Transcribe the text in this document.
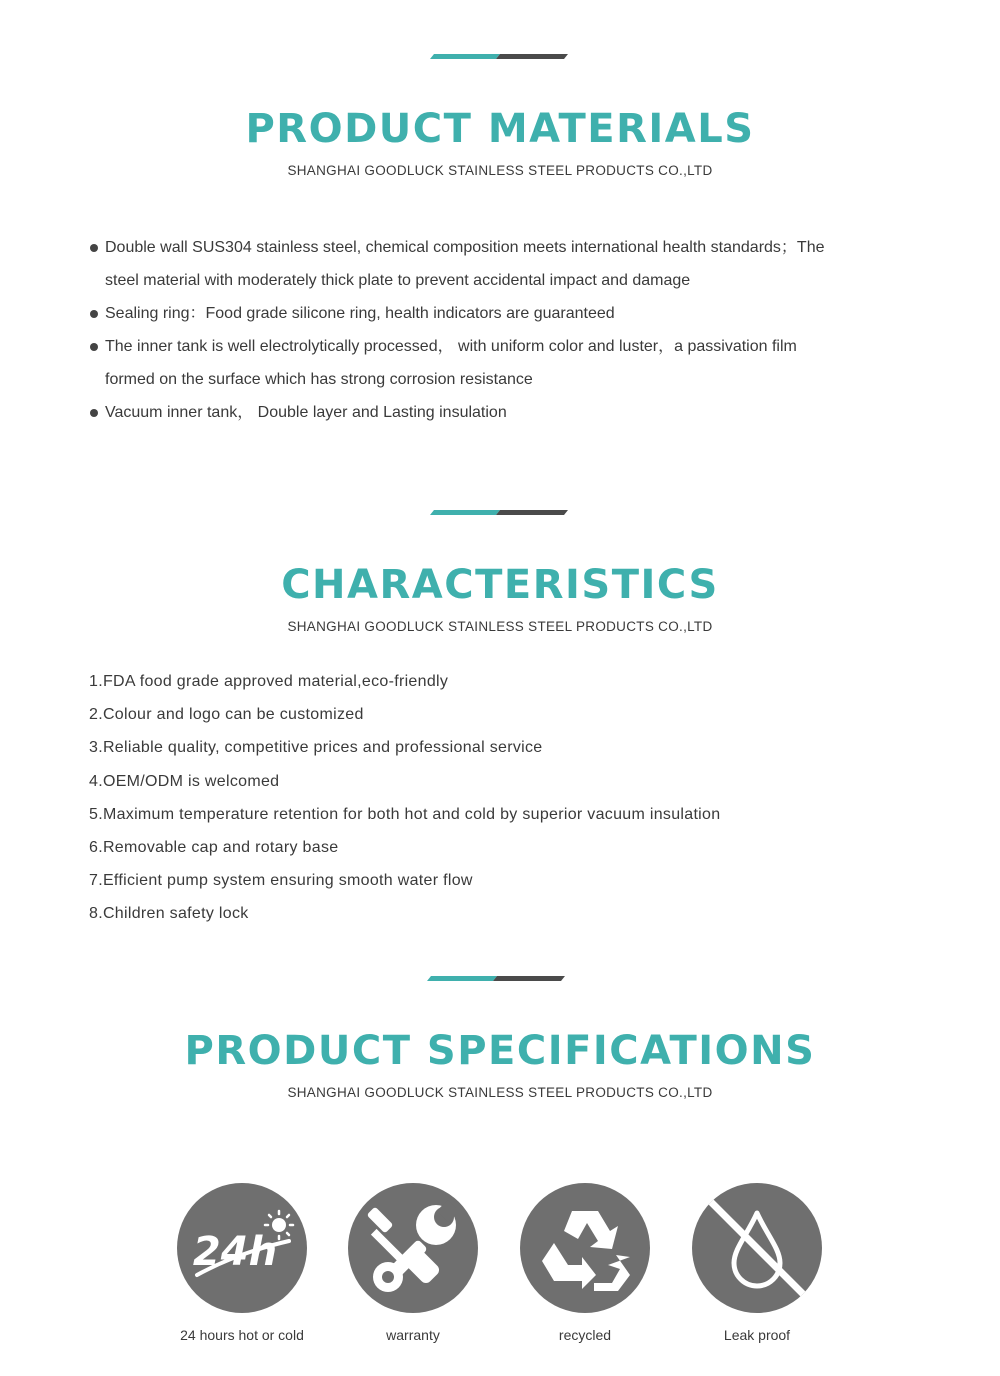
PRODUCT MATERIALS
SHANGHAI GOODLUCK STAINLESS STEEL PRODUCTS CO.,LTD
Double wall SUS304 stainless steel, chemical composition meets international health standards；The
steel material with moderately thick plate to prevent accidental impact and damage
Sealing ring：Food grade silicone ring, health indicators are guaranteed
The inner tank is well electrolytically processed， with uniform color and luster，a passivation film
formed on the surface which has strong corrosion resistance
Vacuum inner tank， Double layer and Lasting insulation
CHARACTERISTICS
SHANGHAI GOODLUCK STAINLESS STEEL PRODUCTS CO.,LTD
1.FDA food grade approved material,eco-friendly
2.Colour and logo can be customized
3.Reliable quality, competitive prices and professional service
4.OEM/ODM is welcomed
5.Maximum temperature retention for both hot and cold by superior vacuum insulation
6.Removable cap and rotary base
7.Efficient pump system ensuring smooth water flow
8.Children safety lock
PRODUCT SPECIFICATIONS
SHANGHAI GOODLUCK STAINLESS STEEL PRODUCTS CO.,LTD
24h
24 hours hot or cold	warranty	recycled	Leak proof
